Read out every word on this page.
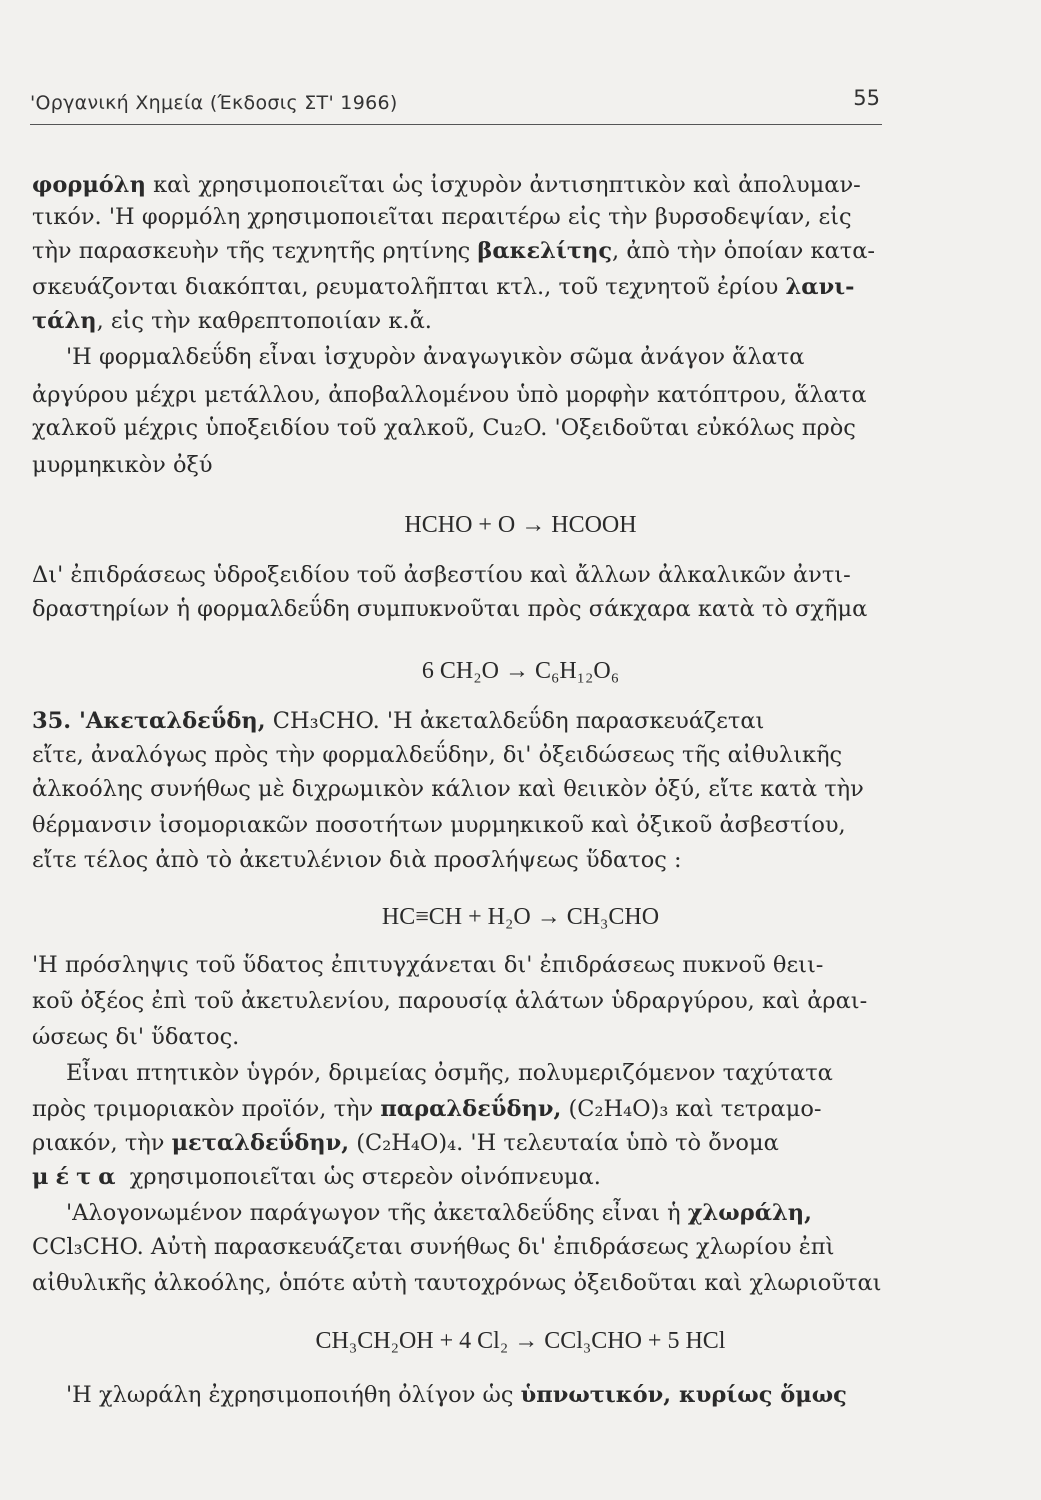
'Οργανική Χημεία (Έκδοσις ΣΤ' 1966)	55
φορμόλη καὶ χρησιμοποιεῖται ὡς ἰσχυρὸν ἀντισηπτικὸν καὶ ἀπολυμαν-
τικόν. 'Η φορμόλη χρησιμοποιεῖται περαιτέρω εἰς τὴν βυρσοδεψίαν, εἰς
τὴν παρασκευὴν τῆς τεχνητῆς ρητίνης βακελίτης, ἀπὸ τὴν ὁποίαν κατα-
σκευάζονται διακόπται, ρευματολῆπται κτλ., τοῦ τεχνητοῦ ἐρίου λανι-
τάλη, εἰς τὴν καθρεπτοποιίαν κ.ἄ.
'Η φορμαλδεΰδη εἶναι ἰσχυρὸν ἀναγωγικὸν σῶμα ἀνάγον ἅλατα
ἀργύρου μέχρι μετάλλου, ἀποβαλλομένου ὑπὸ μορφὴν κατόπτρου, ἅλατα
χαλκοῦ μέχρις ὑποξειδίου τοῦ χαλκοῦ, Cu₂O. 'Οξειδοῦται εὐκόλως πρὸς
μυρμηκικὸν ὀξύ
HCHO + O → HCOOH
Δι' ἐπιδράσεως ὑδροξειδίου τοῦ ἀσβεστίου καὶ ἄλλων ἀλκαλικῶν ἀντι-
δραστηρίων ἡ φορμαλδεΰδη συμπυκνοῦται πρὸς σάκχαρα κατὰ τὸ σχῆμα
6 CH₂O → C₆H₁₂O₆
35. 'Ακεταλδεΰδη, CH₃CHO. 'Η ἀκεταλδεΰδη παρασκευάζεται
εἴτε, ἀναλόγως πρὸς τὴν φορμαλδεΰδην, δι' ὀξειδώσεως τῆς αἰθυλικῆς
ἀλκοόλης συνήθως μὲ διχρωμικὸν κάλιον καὶ θειικὸν ὀξύ, εἴτε κατὰ τὴν
θέρμανσιν ἰσομοριακῶν ποσοτήτων μυρμηκικοῦ καὶ ὀξικοῦ ἀσβεστίου,
εἴτε τέλος ἀπὸ τὸ ἀκετυλένιον διὰ προσλήψεως ὕδατος :
HC≡CH + H₂O → CH₃CHO
'Η πρόσληψις τοῦ ὕδατος ἐπιτυγχάνεται δι' ἐπιδράσεως πυκνοῦ θειι-
κοῦ ὀξέος ἐπὶ τοῦ ἀκετυλενίου, παρουσίᾳ ἁλάτων ὑδραργύρου, καὶ ἀραι-
ώσεως δι' ὕδατος.
Εἶναι πτητικὸν ὑγρόν, δριμείας ὀσμῆς, πολυμεριζόμενον ταχύτατα
πρὸς τριμοριακὸν προϊόν, τὴν παραλδεΰδην, (C₂H₄O)₃ καὶ τετραμο-
ριακόν, τὴν μεταλδεΰδην, (C₂H₄O)₄. 'Η τελευταία ὑπὸ τὸ ὄνομα
μέτα χρησιμοποιεῖται ὡς στερεὸν οἰνόπνευμα.
'Αλογονωμένον παράγωγον τῆς ἀκεταλδεΰδης εἶναι ἡ χλωράλη,
CCl₃CHO. Αὐτὴ παρασκευάζεται συνήθως δι' ἐπιδράσεως χλωρίου ἐπὶ
αἰθυλικῆς ἀλκοόλης, ὁπότε αὐτὴ ταυτοχρόνως ὀξειδοῦται καὶ χλωριοῦται
CH₃CH₂OH + 4 Cl₂ → CCl₃CHO + 5 HCl
'Η χλωράλη ἐχρησιμοποιήθη ὀλίγον ὡς ὑπνωτικόν, κυρίως ὅμως
